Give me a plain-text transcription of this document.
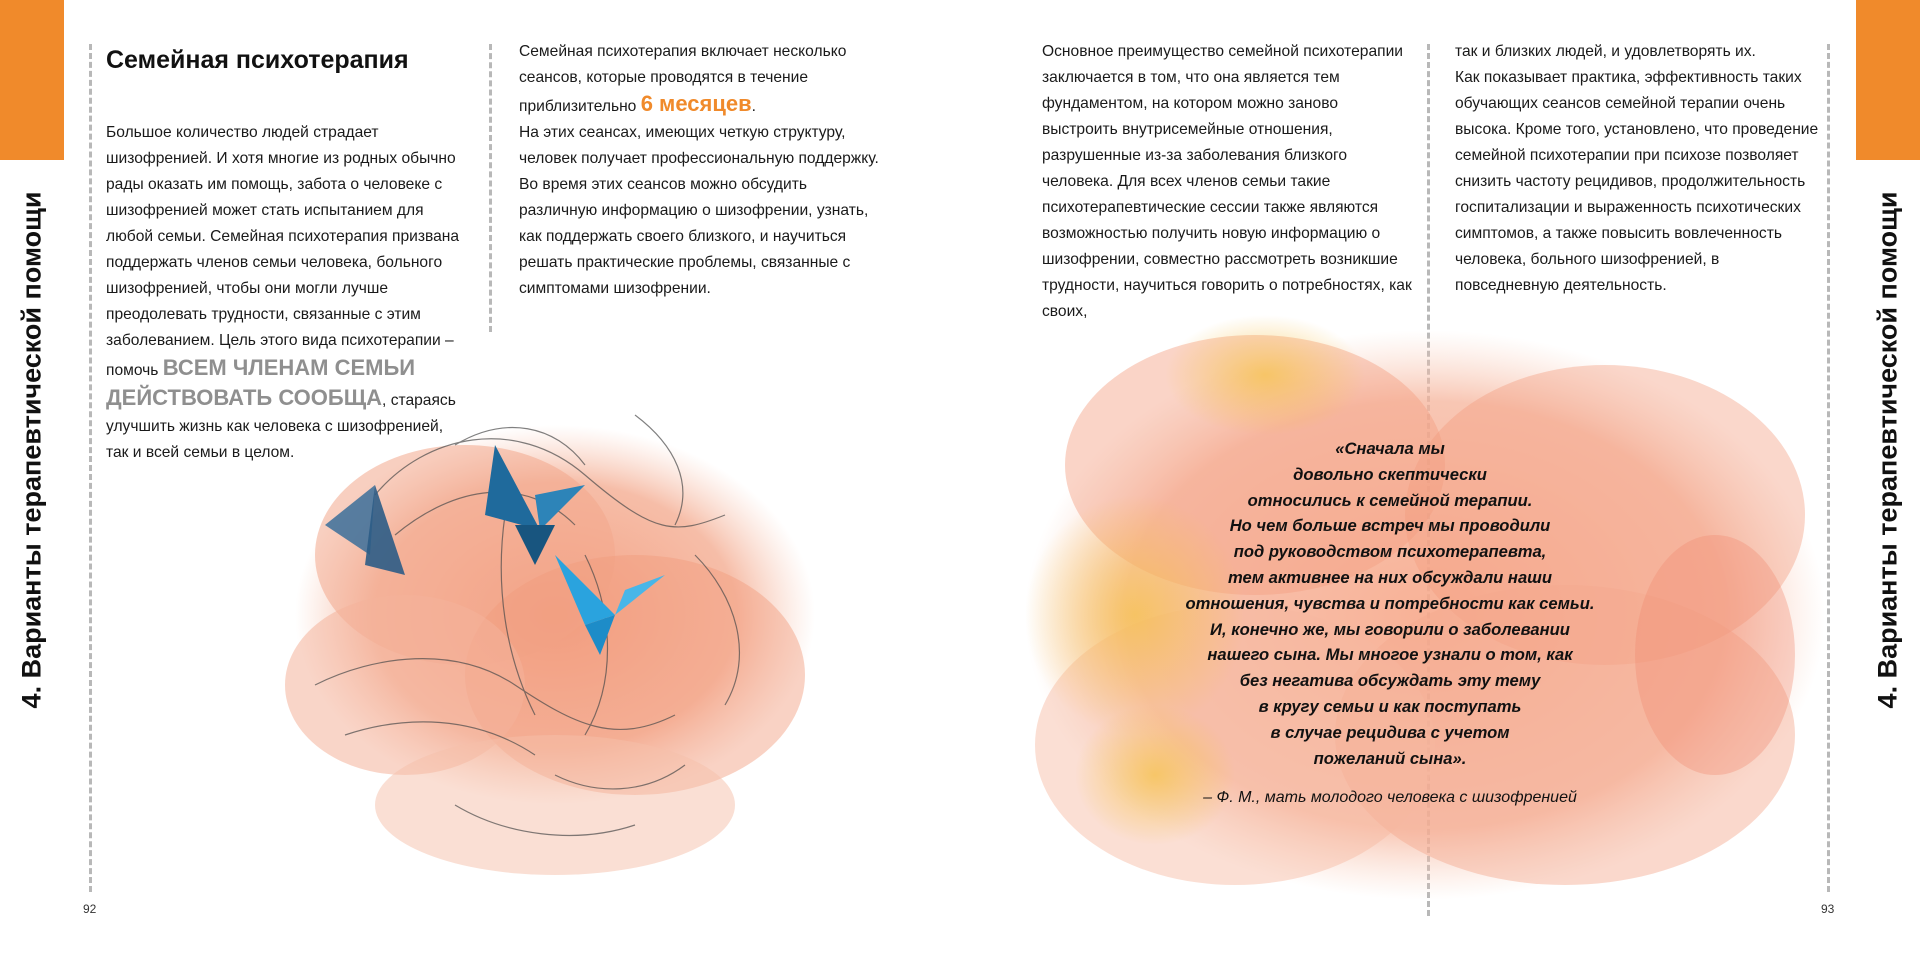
4. Варианты терапевтической помощи
Семейная психотерапия

Большое количество людей страдает шизофренией. И хотя многие из родных обычно рады оказать им помощь, забота о человеке с шизофренией может стать испытанием для любой семьи. Семейная психотерапия призвана поддержать членов семьи человека, больного шизофренией, чтобы они могли лучше преодолевать трудности, связанные с этим заболеванием. Цель этого вида психотерапии – помочь ВСЕМ ЧЛЕНАМ СЕМЬИ ДЕЙСТВОВАТЬ СООБЩА, стараясь улучшить жизнь как человека с шизофренией, так и всей семьи в целом.

Семейная психотерапия включает несколько сеансов, которые проводятся в течение приблизительно 6 месяцев.

На этих сеансах, имеющих четкую структуру, человек получает профессиональную поддержку. Во время этих сеансов можно обсудить различную информацию о шизофрении, узнать, как поддержать своего близкого, и научиться решать практические проблемы, связанные с симптомами шизофрении.

92
4. Варианты терапевтической помощи

Основное преимущество семейной психотерапии заключается в том, что она является тем фундаментом, на котором можно заново выстроить внутрисемейные отношения, разрушенные из-за заболевания близкого человека. Для всех членов семьи такие психотерапевтические сессии также являются возможностью получить новую информацию о шизофрении, совместно рассмотреть возникшие трудности, научиться говорить о потребностях, как своих,

так и близких людей, и удовлетворять их.

Как показывает практика, эффективность таких обучающих сеансов семейной терапии очень высока. Кроме того, установлено, что проведение семейной психотерапии при психозе позволяет снизить частоту рецидивов, продолжительность госпитализации и выраженность психотических симптомов, а также повысить вовлеченность человека, больного шизофренией, в повседневную деятельность.

«Сначала мы
довольно скептически
относились к семейной терапии.
Но чем больше встреч мы проводили
под руководством психотерапевта,
тем активнее на них обсуждали наши
отношения, чувства и потребности как семьи.
И, конечно же, мы говорили о заболевании
нашего сына. Мы многое узнали о том, как
без негатива обсуждать эту тему
в кругу семьи и как поступать
в случае рецидива с учетом
пожеланий сына».
– Ф. М., мать молодого человека с шизофренией
93
